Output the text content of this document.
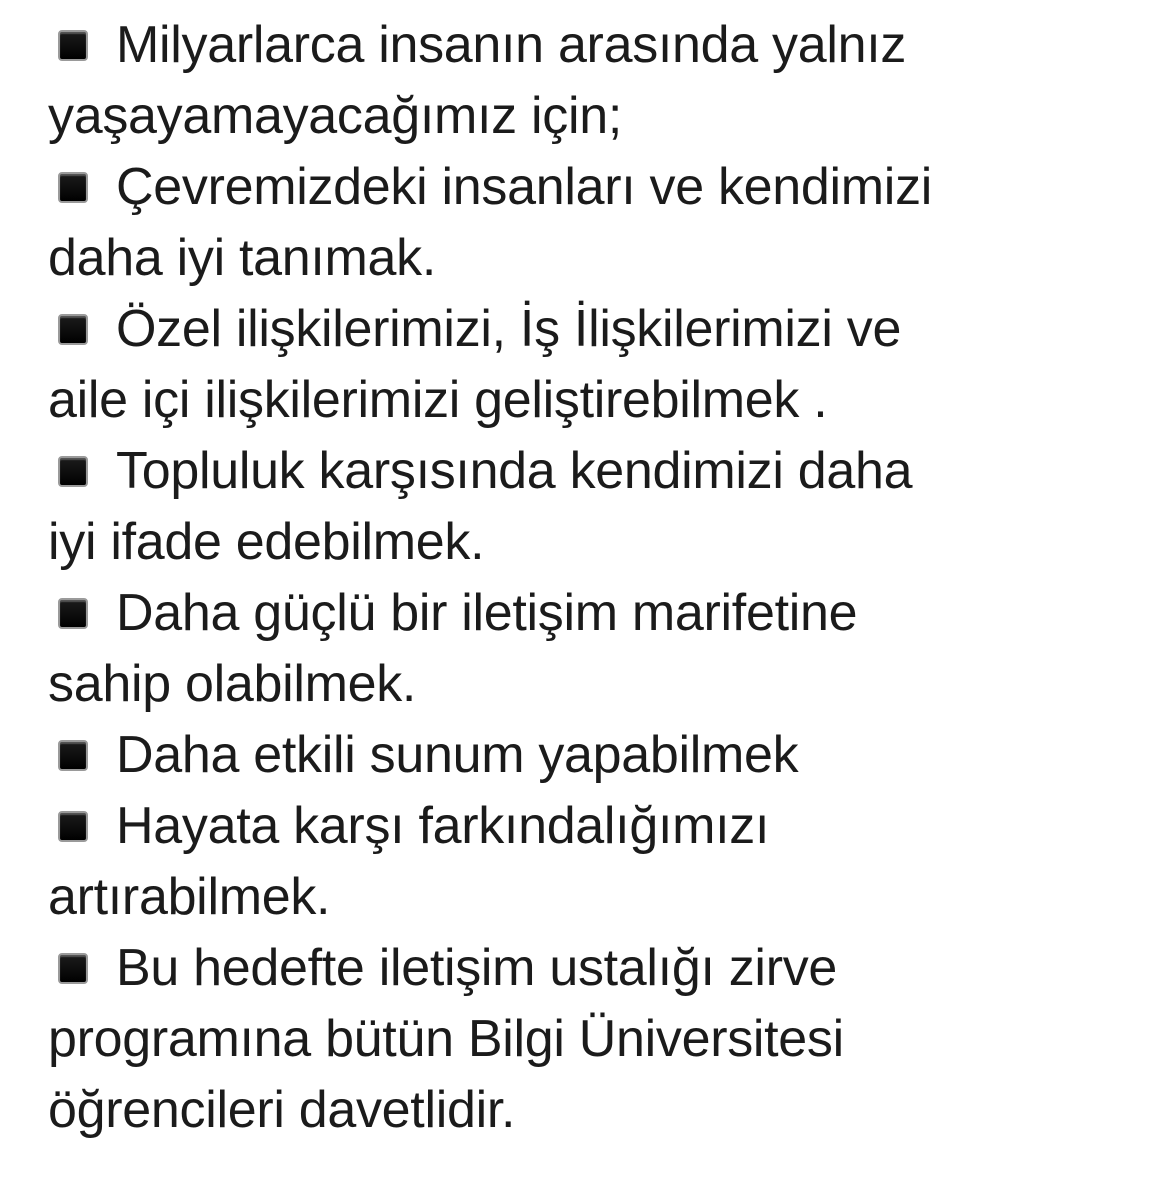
Milyarlarca insanın arasında yalnız
yaşayamayacağımız için;
Çevremizdeki insanları ve kendimizi
daha iyi tanımak.
Özel ilişkilerimizi, İş İlişkilerimizi ve
aile içi ilişkilerimizi geliştirebilmek .
Topluluk karşısında kendimizi daha
iyi ifade edebilmek.
Daha güçlü bir iletişim marifetine
sahip olabilmek.
Daha etkili sunum yapabilmek
Hayata karşı farkındalığımızı
artırabilmek.
Bu hedefte iletişim ustalığı zirve
programına bütün Bilgi Üniversitesi
öğrencileri davetlidir.
